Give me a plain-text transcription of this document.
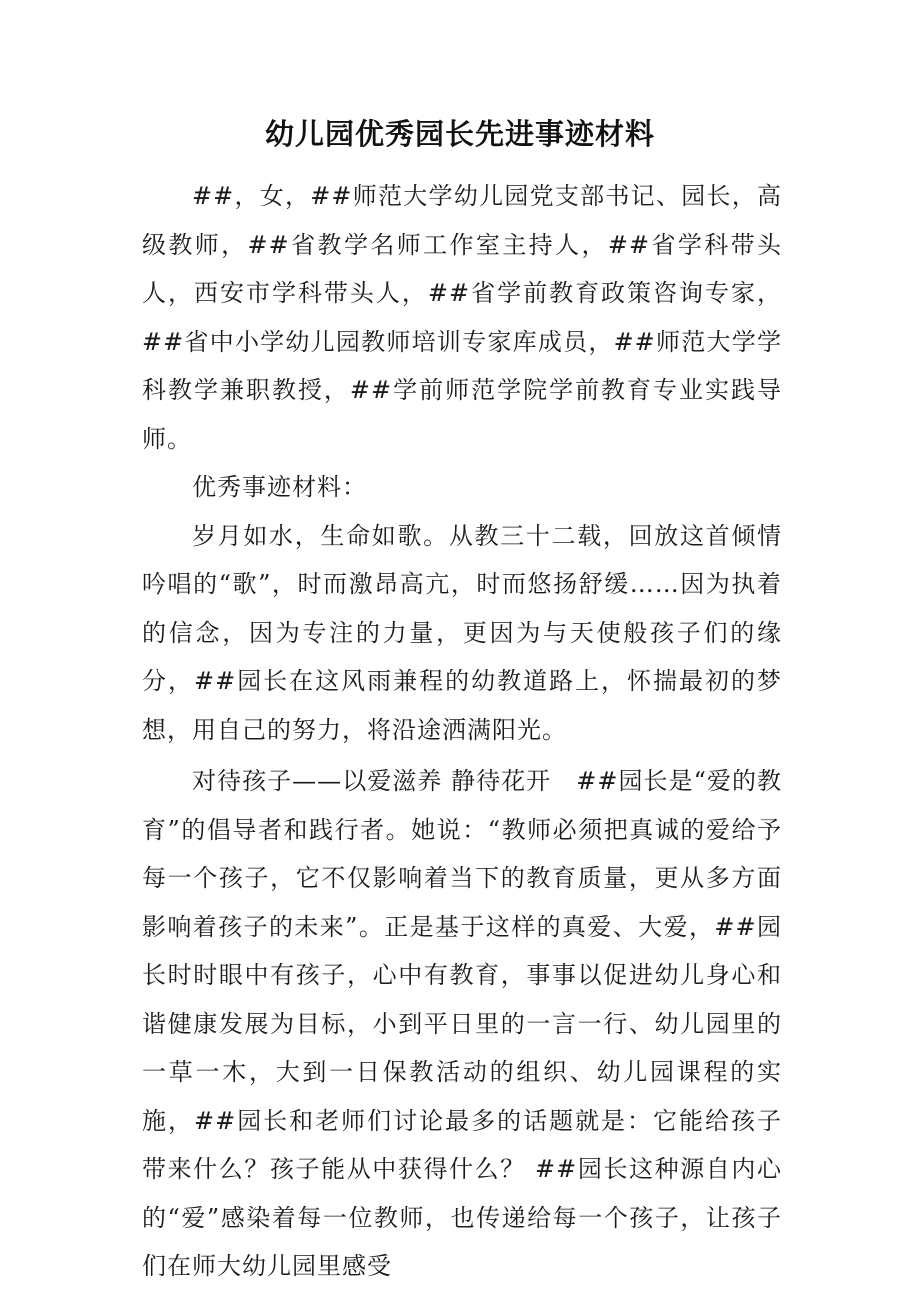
幼儿园优秀园长先进事迹材料

##，女，##师范大学幼儿园党支部书记、园长，高级教师，##省教学名师工作室主持人，##省学科带头人，西安市学科带头人，##省学前教育政策咨询专家，##省中小学幼儿园教师培训专家库成员，##师范大学学科教学兼职教授，##学前师范学院学前教育专业实践导师。

优秀事迹材料：

岁月如水，生命如歌。从教三十二载，回放这首倾情吟唱的“歌”，时而激昂高亢，时而悠扬舒缓……因为执着的信念，因为专注的力量，更因为与天使般孩子们的缘分，##园长在这风雨兼程的幼教道路上，怀揣最初的梦想，用自己的努力，将沿途洒满阳光。

对待孩子——以爱滋养 静待花开　##园长是“爱的教育”的倡导者和践行者。她说：“教师必须把真诚的爱给予每一个孩子，它不仅影响着当下的教育质量，更从多方面影响着孩子的未来”。正是基于这样的真爱、大爱，##园长时时眼中有孩子，心中有教育，事事以促进幼儿身心和谐健康发展为目标，小到平日里的一言一行、幼儿园里的一草一木，大到一日保教活动的组织、幼儿园课程的实施，##园长和老师们讨论最多的话题就是：它能给孩子带来什么？孩子能从中获得什么？ ##园长这种源自内心的“爱”感染着每一位教师，也传递给每一个孩子，让孩子们在师大幼儿园里感受
